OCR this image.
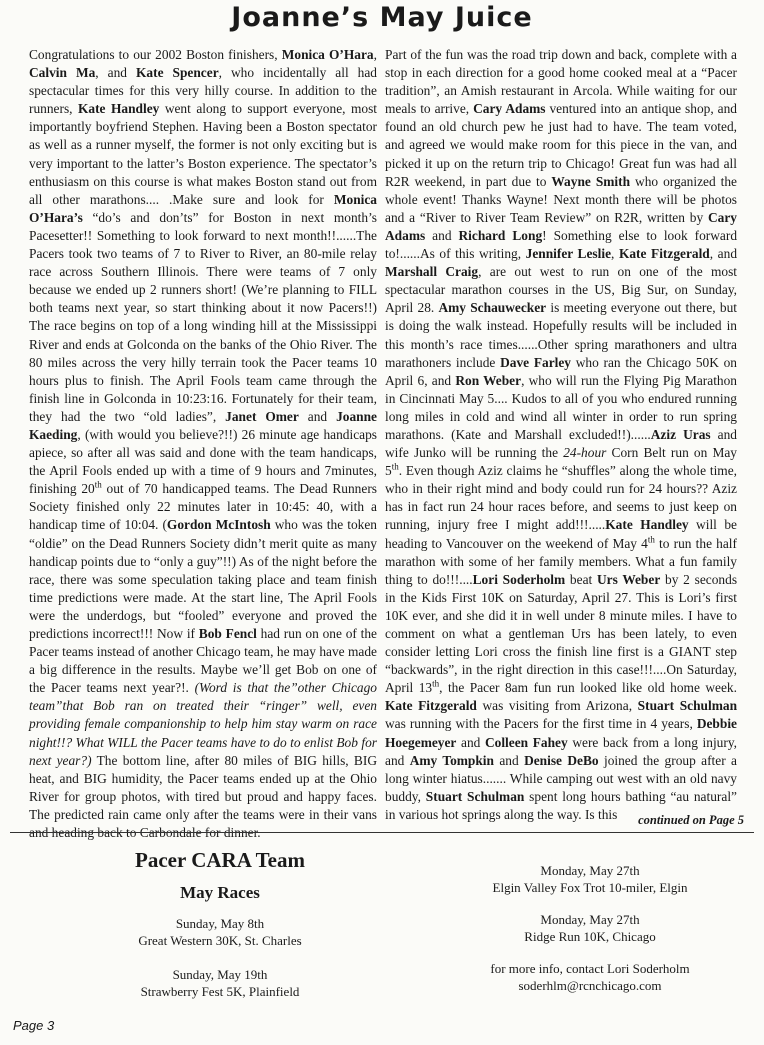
Joanne’s May Juice

Congratulations to our 2002 Boston finishers, Monica O’Hara, Calvin Ma, and Kate Spencer, who incidentally all had spectacular times for this very hilly course. In addition to the runners, Kate Handley went along to support everyone, most importantly boyfriend Stephen. Having been a Boston spectator as well as a runner myself, the former is not only exciting but is very important to the latter’s Boston experience. The spectator’s enthusiasm on this course is what makes Boston stand out from all other marathons.... .Make sure and look for Monica O’Hara’s “do’s and don’ts” for Boston in next month’s Pacesetter!! Something to look forward to next month!!......The Pacers took two teams of 7 to River to River, an 80-mile relay race across Southern Illinois. There were teams of 7 only because we ended up 2 runners short! (We’re planning to FILL both teams next year, so start thinking about it now Pacers!!) The race begins on top of a long winding hill at the Mississippi River and ends at Golconda on the banks of the Ohio River. The 80 miles across the very hilly terrain took the Pacer teams 10 hours plus to finish. The April Fools team came through the finish line in Golconda in 10:23:16. Fortunately for their team, they had the two “old ladies”, Janet Omer and Joanne Kaeding, (with would you believe?!!) 26 minute age handicaps apiece, so after all was said and done with the team handicaps, the April Fools ended up with a time of 9 hours and 7minutes, finishing 20th out of 70 handicapped teams. The Dead Runners Society finished only 22 minutes later in 10:45: 40, with a handicap time of 10:04. (Gordon McIntosh who was the token “oldie” on the Dead Runners Society didn’t merit quite as many handicap points due to “only a guy”!!) As of the night before the race, there was some speculation taking place and team finish time predictions were made. At the start line, The April Fools were the underdogs, but “fooled” everyone and proved the predictions incorrect!!! Now if Bob Fencl had run on one of the Pacer teams instead of another Chicago team, he may have made a big difference in the results. Maybe we’ll get Bob on one of the Pacer teams next year?!. (Word is that the”other Chicago team”that Bob ran on treated their “ringer” well, even providing female companionship to help him stay warm on race night!!? What WILL the Pacer teams have to do to enlist Bob for next year?) The bottom line, after 80 miles of BIG hills, BIG heat, and BIG humidity, the Pacer teams ended up at the Ohio River for group photos, with tired but proud and happy faces. The predicted rain came only after the teams were in their vans and heading back to Carbondale for dinner.

Part of the fun was the road trip down and back, complete with a stop in each direction for a good home cooked meal at a “Pacer tradition”, an Amish restaurant in Arcola. While waiting for our meals to arrive, Cary Adams ventured into an antique shop, and found an old church pew he just had to have. The team voted, and agreed we would make room for this piece in the van, and picked it up on the return trip to Chicago! Great fun was had all R2R weekend, in part due to Wayne Smith who organized the whole event! Thanks Wayne! Next month there will be photos and a “River to River Team Review” on R2R, written by Cary Adams and Richard Long! Something else to look forward to!......As of this writing, Jennifer Leslie, Kate Fitzgerald, and Marshall Craig, are out west to run on one of the most spectacular marathon courses in the US, Big Sur, on Sunday, April 28. Amy Schauwecker is meeting everyone out there, but is doing the walk instead. Hopefully results will be included in this month’s race times......Other spring marathoners and ultra marathoners include Dave Farley who ran the Chicago 50K on April 6, and Ron Weber, who will run the Flying Pig Marathon in Cincinnati May 5.... Kudos to all of you who endured running long miles in cold and wind all winter in order to run spring marathons. (Kate and Marshall excluded!!)......Aziz Uras and wife Junko will be running the 24-hour Corn Belt run on May 5th. Even though Aziz claims he “shuffles” along the whole time, who in their right mind and body could run for 24 hours?? Aziz has in fact run 24 hour races before, and seems to just keep on running, injury free I might add!!!.....Kate Handley will be heading to Vancouver on the weekend of May 4th to run the half marathon with some of her family members. What a fun family thing to do!!!....Lori Soderholm beat Urs Weber by 2 seconds in the Kids First 10K on Saturday, April 27. This is Lori’s first 10K ever, and she did it in well under 8 minute miles. I have to comment on what a gentleman Urs has been lately, to even consider letting Lori cross the finish line first is a GIANT step “backwards”, in the right direction in this case!!!....On Saturday, April 13th, the Pacer 8am fun run looked like old home week. Kate Fitzgerald was visiting from Arizona, Stuart Schulman was running with the Pacers for the first time in 4 years, Debbie Hoegemeyer and Colleen Fahey were back from a long injury, and Amy Tompkin and Denise DeBo joined the group after a long winter hiatus....... While camping out west with an old navy buddy, Stuart Schulman spent long hours bathing “au natural” in various hot springs along the way. Is this	continued on Page 5
Pacer CARA Team
May Races
Sunday, May 8th
Great Western 30K, St. Charles
Sunday, May 19th
Strawberry Fest 5K, Plainfield
Monday, May 27th
Elgin Valley Fox Trot 10-miler, Elgin
Monday, May 27th
Ridge Run 10K, Chicago
for more info, contact Lori Soderholm
soderhlm@rcnchicago.com
Page 3
